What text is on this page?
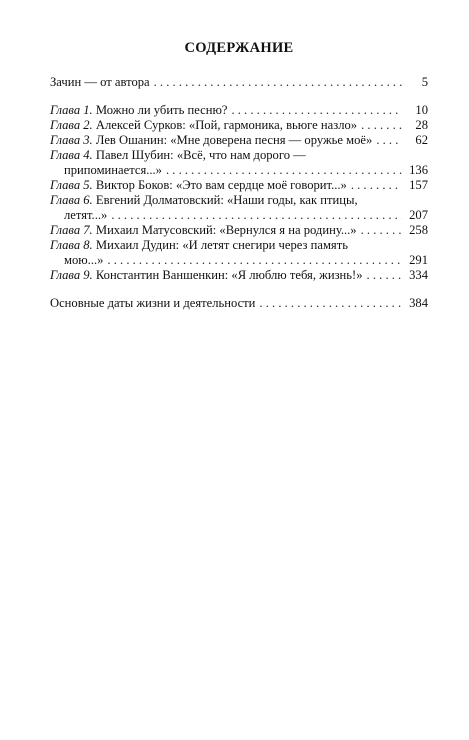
СОДЕРЖАНИЕ
Зачин — от автора . . .	5
Глава 1. Можно ли убить песню? . . .	10
Глава 2. Алексей Сурков: «Пой, гармоника, вьюге назло» . . .	28
Глава 3. Лев Ошанин: «Мне доверена песня — оружье моё» . . .	62
Глава 4. Павел Шубин: «Всё, что нам дорого —
припоминается...» . . .	136
Глава 5. Виктор Боков: «Это вам сердце моё говорит...» . . .	157
Глава 6. Евгений Долматовский: «Наши годы, как птицы,
летят...» . . .	207
Глава 7. Михаил Матусовский: «Вернулся я на родину...» . . .	258
Глава 8. Михаил Дудин: «И летят снегири через память
мою...» . . .	291
Глава 9. Константин Ваншенкин: «Я люблю тебя, жизнь!» . . .	334
Основные даты жизни и деятельности . . .	384
